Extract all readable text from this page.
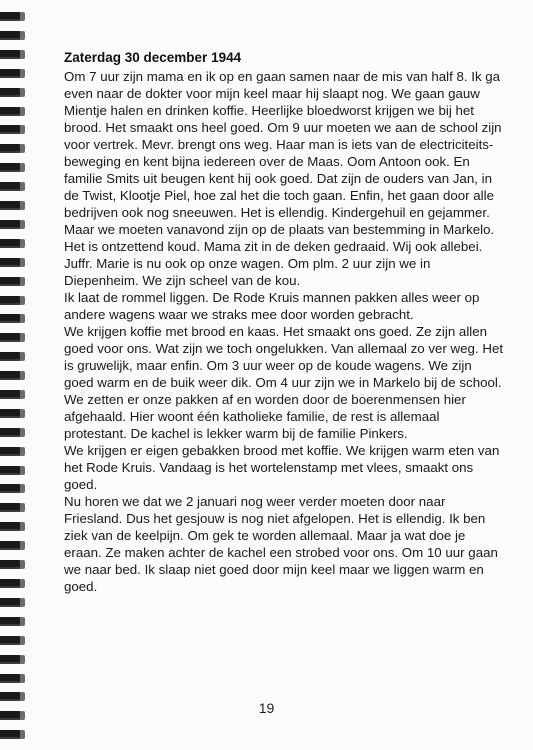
Zaterdag 30 december 1944

Om 7 uur zijn mama en ik op en gaan samen naar de mis van half 8. Ik ga even naar de dokter voor mijn keel maar hij slaapt nog. We gaan gauw Mientje halen en drinken koffie. Heerlijke bloedworst krijgen we bij het brood. Het smaakt ons heel goed. Om 9 uur moeten we aan de school zijn voor vertrek. Mevr. brengt ons weg. Haar man is iets van de electriciteits-beweging en kent bijna iedereen over de Maas. Oom Antoon ook. En familie Smits uit beugen kent hij ook goed. Dat zijn de ouders van Jan, in de Twist, Klootje Piel, hoe zal het die toch gaan. Enfin, het gaan door alle bedrijven ook nog sneeuwen. Het is ellendig. Kindergehuil en gejammer. Maar we moeten vanavond zijn op de plaats van bestemming in Markelo.

Het is ontzettend koud. Mama zit in de deken gedraaid. Wij ook allebei. Juffr. Marie is nu ook op onze wagen. Om plm. 2 uur zijn we in Diepenheim. We zijn scheel van de kou.

Ik laat de rommel liggen. De Rode Kruis mannen pakken alles weer op andere wagens waar we straks mee door worden gebracht.

We krijgen koffie met brood en kaas. Het smaakt ons goed. Ze zijn allen goed voor ons. Wat zijn we toch ongelukken. Van allemaal zo ver weg. Het is gruwelijk, maar enfin. Om 3 uur weer op de koude wagens. We zijn goed warm en de buik weer dik. Om 4 uur zijn we in Markelo bij de school.

We zetten er onze pakken af en worden door de boerenmensen hier afgehaald. Hier woont één katholieke familie, de rest is allemaal protestant. De kachel is lekker warm bij de familie Pinkers.

We krijgen er eigen gebakken brood met koffie. We krijgen warm eten van het Rode Kruis. Vandaag is het wortelenstamp met vlees, smaakt ons goed.

Nu horen we dat we 2 januari nog weer verder moeten door naar Friesland. Dus het gesjouw is nog niet afgelopen. Het is ellendig. Ik ben ziek van de keelpijn. Om gek te worden allemaal. Maar ja wat doe je eraan. Ze maken achter de kachel een strobed voor ons. Om 10 uur gaan we naar bed. Ik slaap niet goed door mijn keel maar we liggen warm en goed.

19
